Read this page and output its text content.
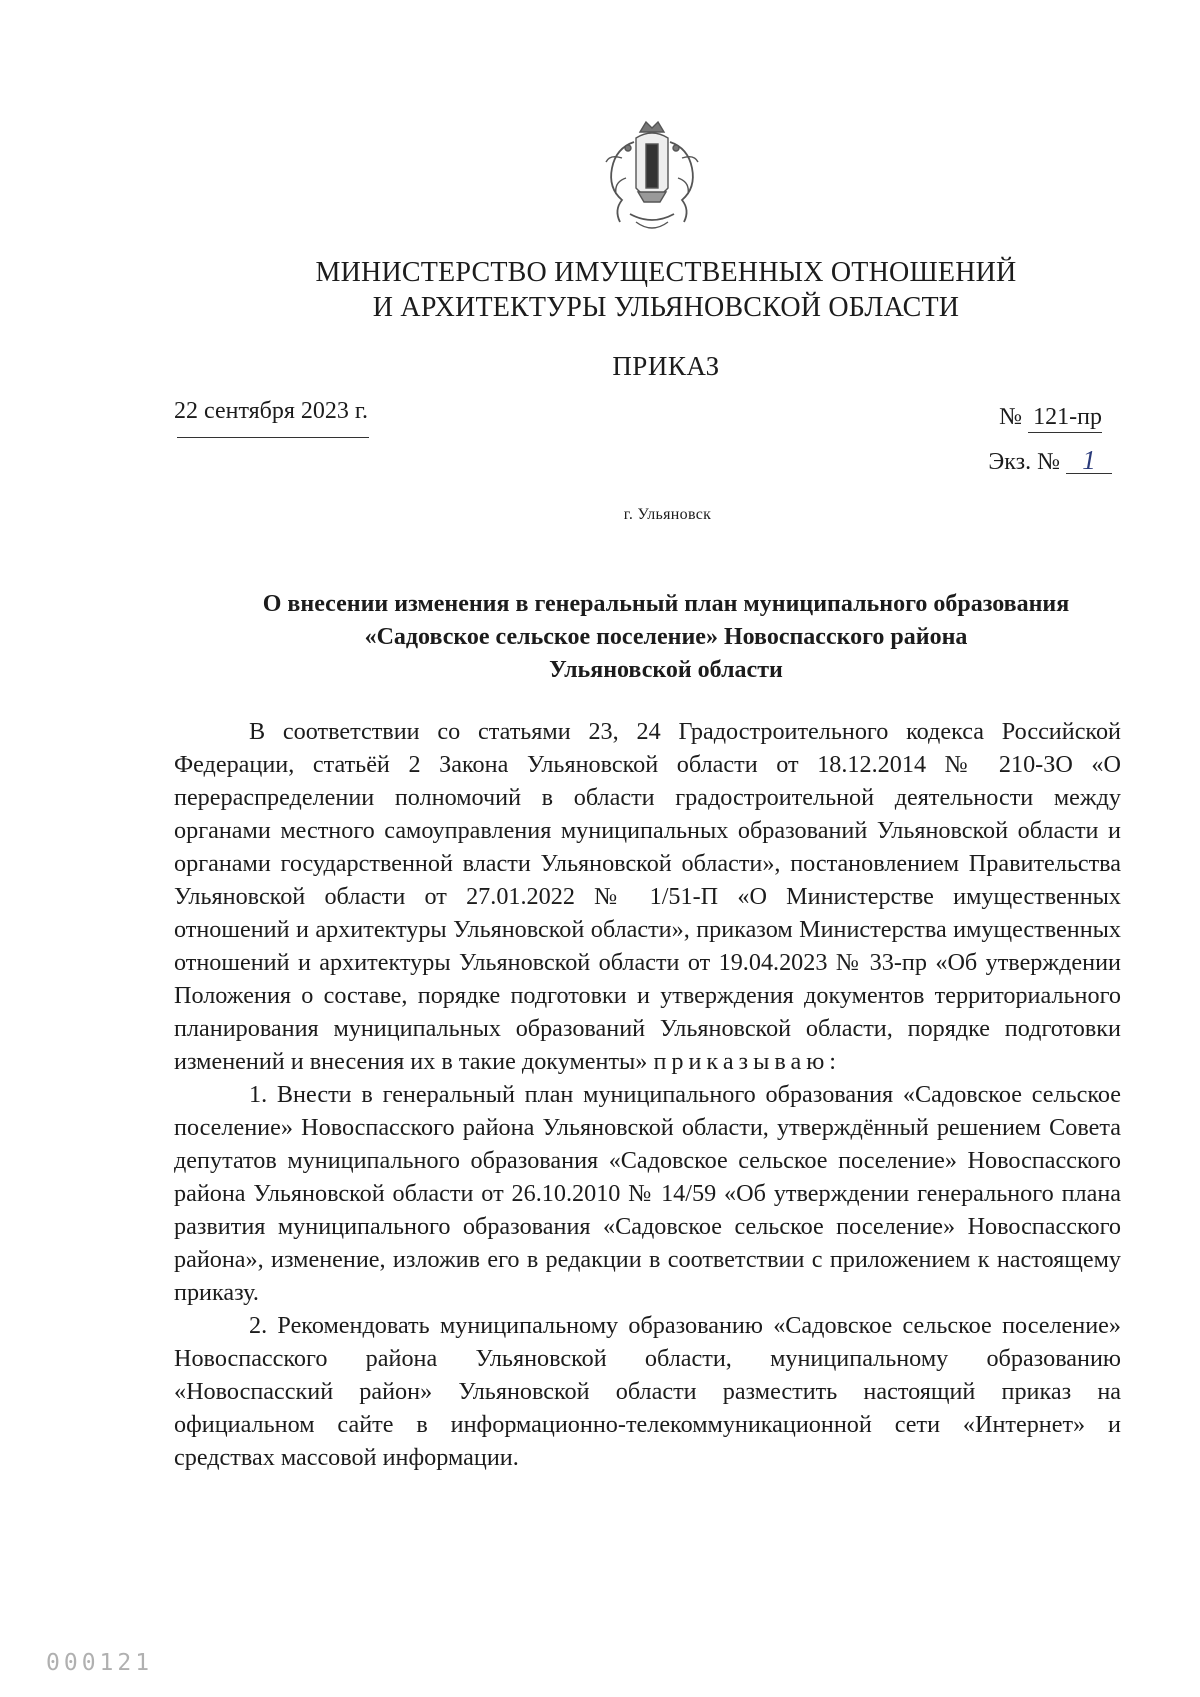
МИНИСТЕРСТВО ИМУЩЕСТВЕННЫХ ОТНОШЕНИЙ
И АРХИТЕКТУРЫ УЛЬЯНОВСКОЙ ОБЛАСТИ
ПРИКАЗ
22 сентября 2023 г.	№ 121-пр
Экз. № 1
г. Ульяновск
О внесении изменения в генеральный план муниципального образования
«Садовское сельское поселение» Новоспасского района
Ульяновской области

В соответствии со статьями 23, 24 Градостроительного кодекса Российской Федерации, статьёй 2 Закона Ульяновской области от 18.12.2014 № 210-ЗО «О перераспределении полномочий в области градостроительной деятельности между органами местного самоуправления муниципальных образований Ульяновской области и органами государственной власти Ульяновской области», постановлением Правительства Ульяновской области от 27.01.2022 № 1/51-П «О Министерстве имущественных отношений и архитектуры Ульяновской области», приказом Министерства имущественных отношений и архитектуры Ульяновской области от 19.04.2023 № 33-пр «Об утверждении Положения о составе, порядке подготовки и утверждения документов территориального планирования муниципальных образований Ульяновской области, порядке подготовки изменений и внесения их в такие документы» приказываю:

1. Внести в генеральный план муниципального образования «Садовское сельское поселение» Новоспасского района Ульяновской области, утверждённый решением Совета депутатов муниципального образования «Садовское сельское поселение» Новоспасского района Ульяновской области от 26.10.2010 № 14/59 «Об утверждении генерального плана развития муниципального образования «Садовское сельское поселение» Новоспасского района», изменение, изложив его в редакции в соответствии с приложением к настоящему приказу.

2. Рекомендовать муниципальному образованию «Садовское сельское поселение» Новоспасского района Ульяновской области, муниципальному образованию «Новоспасский район» Ульяновской области разместить настоящий приказ на официальном сайте в информационно-телекоммуникационной сети «Интернет» и средствах массовой информации.

000121
